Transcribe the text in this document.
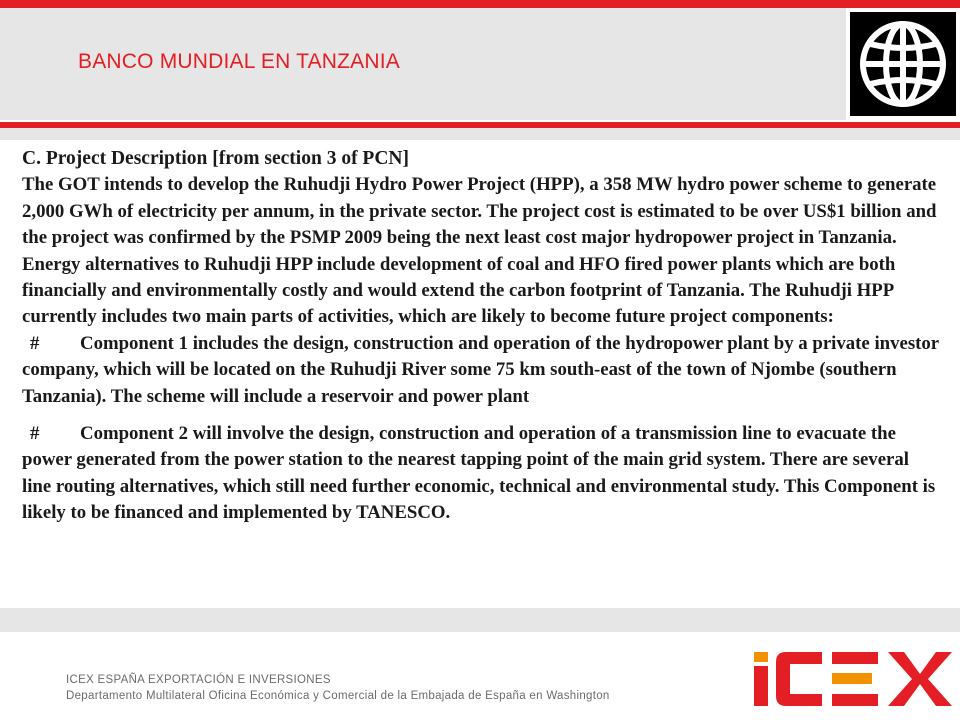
BANCO MUNDIAL EN TANZANIA

C. Project Description [from section 3 of PCN]

The GOT intends to develop the Ruhudji Hydro Power Project (HPP), a 358 MW hydro power scheme to generate 2,000 GWh of electricity per annum, in the private sector. The project cost is estimated to be over US$1 billion and the project was confirmed by the PSMP 2009 being the next least cost major hydropower project in Tanzania. Energy alternatives to Ruhudji HPP include development of coal and HFO fired power plants which are both financially and environmentally costly and would extend the carbon footprint of Tanzania. The Ruhudji HPP currently includes two main parts of activities, which are likely to become future project components:

# Component 1 includes the design, construction and operation of the hydropower plant by a private investor company, which will be located on the Ruhudji River some 75 km south-east of the town of Njombe (southern Tanzania). The scheme will include a reservoir and power plant

# Component 2 will involve the design, construction and operation of a transmission line to evacuate the power generated from the power station to the nearest tapping point of the main grid system. There are several line routing alternatives, which still need further economic, technical and environmental study. This Component is likely to be financed and implemented by TANESCO.

ICEX ESPAÑA EXPORTACIÓN E INVERSIONES
Departamento Multilateral Oficina Económica y Comercial de la Embajada de España en Washington
